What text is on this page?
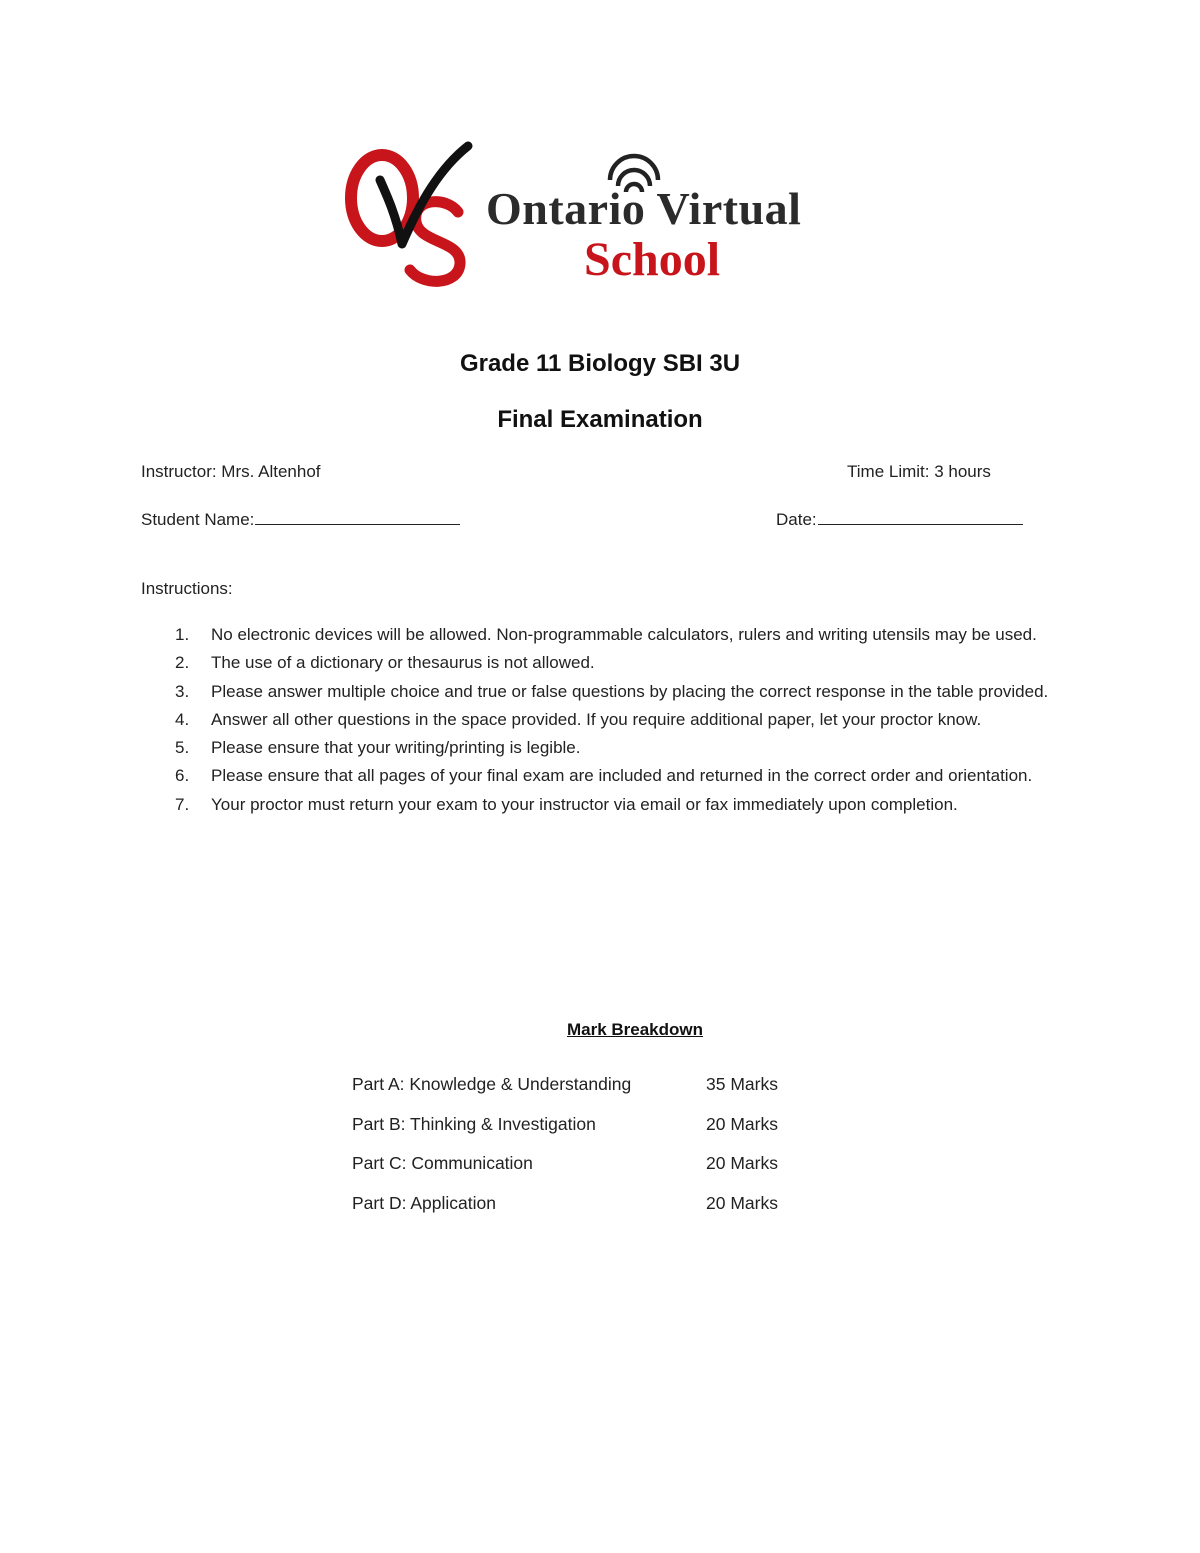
Ontario Virtual
School
Grade 11 Biology SBI 3U
Final Examination
Instructor: Mrs. Altenhof	Time Limit: 3 hours
Student Name:	Date:
Instructions:
1. No electronic devices will be allowed. Non-programmable calculators, rulers and writing utensils may be used.
2. The use of a dictionary or thesaurus is not allowed.
3. Please answer multiple choice and true or false questions by placing the correct response in the table provided.
4. Answer all other questions in the space provided. If you require additional paper, let your proctor know.
5. Please ensure that your writing/printing is legible.
6. Please ensure that all pages of your final exam are included and returned in the correct order and orientation.
7. Your proctor must return your exam to your instructor via email or fax immediately upon completion.
Mark Breakdown
Part A: Knowledge & Understanding	35 Marks
Part B: Thinking & Investigation	20 Marks
Part C: Communication	20 Marks
Part D: Application	20 Marks
